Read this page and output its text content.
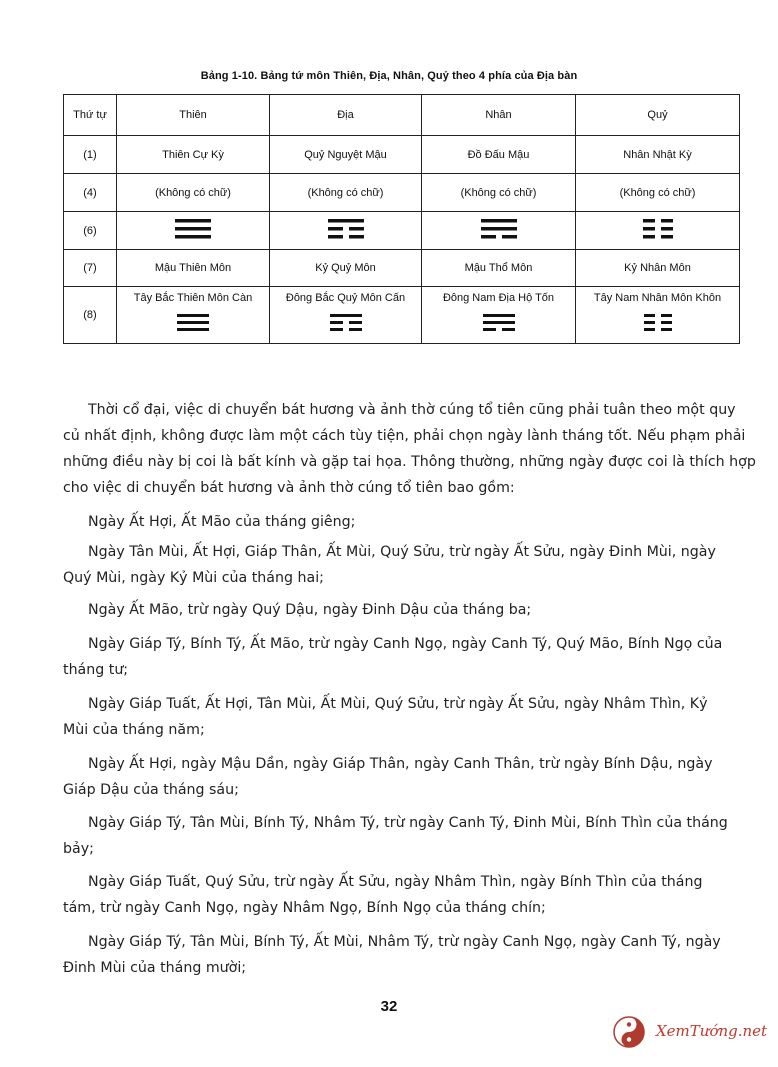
Bảng 1-10. Bảng tứ môn Thiên, Địa, Nhân, Quỷ theo 4 phía của Địa bàn
Thứ tự	Thiên	Địa	Nhân	Quỷ
(1)	Thiên Cự Kỳ	Quỷ Nguyệt Mậu	Đồ Đấu Mậu	Nhân Nhật Kỳ
(4)	(Không có chữ)	(Không có chữ)	(Không có chữ)	(Không có chữ)
(6)	

(7)	Mậu Thiên Môn	Kỷ Quỷ Môn	Mậu Thổ Môn	Kỷ Nhân Môn
(8)	Tây Bắc Thiên Môn Càn	Đông Bắc Quỷ Môn Cấn	Đông Nam Địa Hộ Tốn	Tây Nam Nhân Môn Khôn
Thời cổ đại, việc di chuyển bát hương và ảnh thờ cúng tổ tiên cũng phải tuân theo một quy
củ nhất định, không được làm một cách tùy tiện, phải chọn ngày lành tháng tốt. Nếu phạm phải
những điều này bị coi là bất kính và gặp tai họa. Thông thường, những ngày được coi là thích hợp
cho việc di chuyển bát hương và ảnh thờ cúng tổ tiên bao gồm:
Ngày Ất Hợi, Ất Mão của tháng giêng;
Ngày Tân Mùi, Ất Hợi, Giáp Thân, Ất Mùi, Quý Sửu, trừ ngày Ất Sửu, ngày Đinh Mùi, ngày
Quý Mùi, ngày Kỷ Mùi của tháng hai;
Ngày Ất Mão, trừ ngày Quý Dậu, ngày Đinh Dậu của tháng ba;
Ngày Giáp Tý, Bính Tý, Ất Mão, trừ ngày Canh Ngọ, ngày Canh Tý, Quý Mão, Bính Ngọ của
tháng tư;
Ngày Giáp Tuất, Ất Hợi, Tân Mùi, Ất Mùi, Quý Sửu, trừ ngày Ất Sửu, ngày Nhâm Thìn, Kỷ
Mùi của tháng năm;
Ngày Ất Hợi, ngày Mậu Dần, ngày Giáp Thân, ngày Canh Thân, trừ ngày Bính Dậu, ngày
Giáp Dậu của tháng sáu;
Ngày Giáp Tý, Tân Mùi, Bính Tý, Nhâm Tý, trừ ngày Canh Tý, Đinh Mùi, Bính Thìn của tháng
bảy;
Ngày Giáp Tuất, Quý Sửu, trừ ngày Ất Sửu, ngày Nhâm Thìn, ngày Bính Thìn của tháng
tám, trừ ngày Canh Ngọ, ngày Nhâm Ngọ, Bính Ngọ của tháng chín;
Ngày Giáp Tý, Tân Mùi, Bính Tý, Ất Mùi, Nhâm Tý, trừ ngày Canh Ngọ, ngày Canh Tý, ngày
Đinh Mùi của tháng mười;
32
XemTướng.net
